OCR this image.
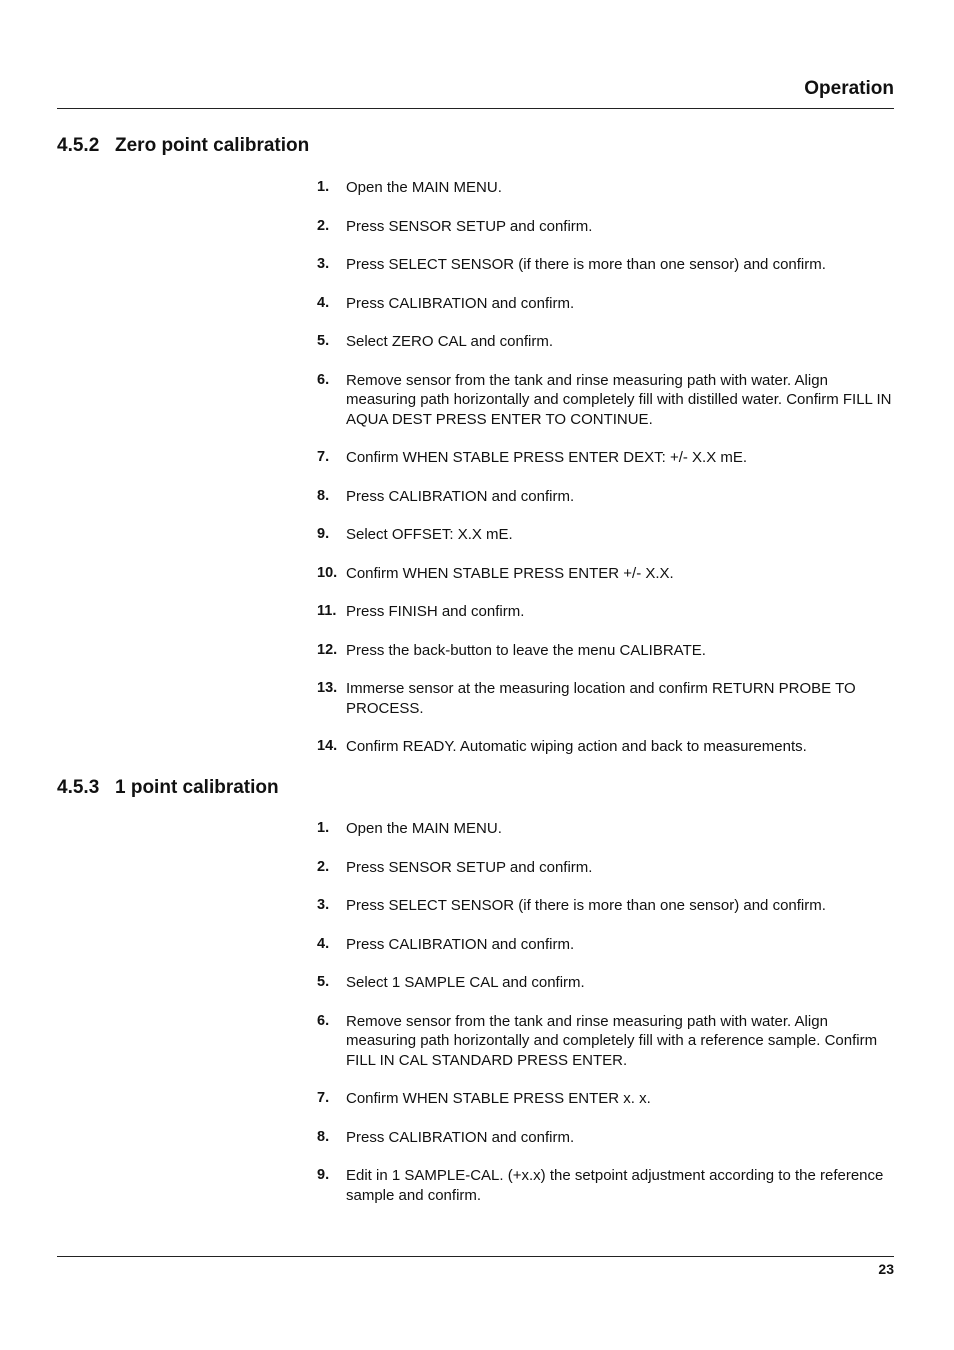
Operation
4.5.2 Zero point calibration
1. Open the MAIN MENU.
2. Press SENSOR SETUP and confirm.
3. Press SELECT SENSOR (if there is more than one sensor) and confirm.
4. Press CALIBRATION and confirm.
5. Select ZERO CAL and confirm.
6. Remove sensor from the tank and rinse measuring path with water. Align measuring path horizontally and completely fill with distilled water. Confirm FILL IN AQUA DEST PRESS ENTER TO CONTINUE.
7. Confirm WHEN STABLE PRESS ENTER DEXT: +/- X.X mE.
8. Press CALIBRATION and confirm.
9. Select OFFSET: X.X mE.
10. Confirm WHEN STABLE PRESS ENTER +/- X.X.
11. Press FINISH and confirm.
12. Press the back-button to leave the menu CALIBRATE.
13. Immerse sensor at the measuring location and confirm RETURN PROBE TO PROCESS.
14. Confirm READY. Automatic wiping action and back to measurements.
4.5.3 1 point calibration
1. Open the MAIN MENU.
2. Press SENSOR SETUP and confirm.
3. Press SELECT SENSOR (if there is more than one sensor) and confirm.
4. Press CALIBRATION and confirm.
5. Select 1 SAMPLE CAL and confirm.
6. Remove sensor from the tank and rinse measuring path with water. Align measuring path horizontally and completely fill with a reference sample. Confirm FILL IN CAL STANDARD PRESS ENTER.
7. Confirm WHEN STABLE PRESS ENTER x. x.
8. Press CALIBRATION and confirm.
9. Edit in 1 SAMPLE-CAL. (+x.x) the setpoint adjustment according to the reference sample and confirm.
23
